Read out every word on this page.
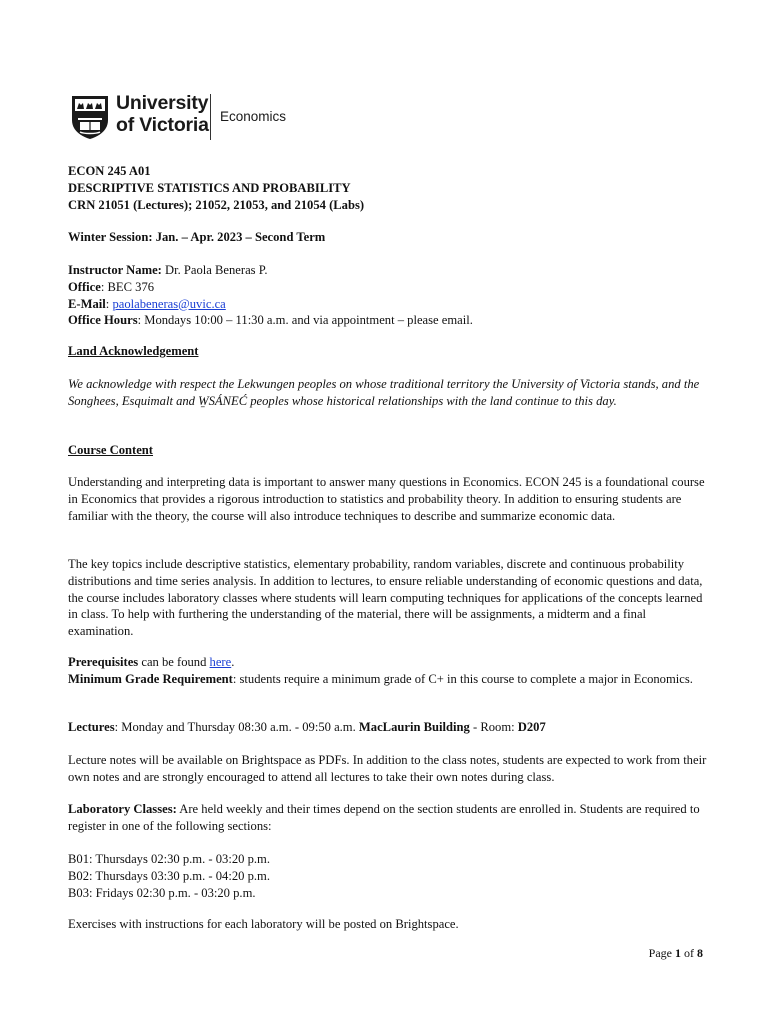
University
of Victoria Economics
ECON 245 A01
DESCRIPTIVE STATISTICS AND PROBABILITY
CRN 21051 (Lectures); 21052, 21053, and 21054 (Labs)
Winter Session: Jan. – Apr. 2023 – Second Term
Instructor Name: Dr. Paola Beneras P.
Office: BEC 376
E-Mail: paolabeneras@uvic.ca
Office Hours: Mondays 10:00 – 11:30 a.m. and via appointment – please email.
Land Acknowledgement

We acknowledge with respect the Lekwungen peoples on whose traditional territory the University of Victoria stands, and the Songhees, Esquimalt and W̱SÁNEĆ peoples whose historical relationships with the land continue to this day.

Course Content

Understanding and interpreting data is important to answer many questions in Economics. ECON 245 is a foundational course in Economics that provides a rigorous introduction to statistics and probability theory. In addition to ensuring students are familiar with the theory, the course will also introduce techniques to describe and summarize economic data.

The key topics include descriptive statistics, elementary probability, random variables, discrete and continuous probability distributions and time series analysis. In addition to lectures, to ensure reliable understanding of economic questions and data, the course includes laboratory classes where students will learn computing techniques for applications of the concepts learned in class. To help with furthering the understanding of the material, there will be assignments, a midterm and a final examination.

Prerequisites can be found here.
Minimum Grade Requirement: students require a minimum grade of C+ in this course to complete a major in Economics.
Lectures: Monday and Thursday 08:30 a.m. - 09:50 a.m. MacLaurin Building - Room: D207

Lecture notes will be available on Brightspace as PDFs. In addition to the class notes, students are expected to work from their own notes and are strongly encouraged to attend all lectures to take their own notes during class.

Laboratory Classes: Are held weekly and their times depend on the section students are enrolled in. Students are required to register in one of the following sections:

B01: Thursdays 02:30 p.m. - 03:20 p.m.
B02: Thursdays 03:30 p.m. - 04:20 p.m.
B03: Fridays 02:30 p.m. - 03:20 p.m.
Exercises with instructions for each laboratory will be posted on Brightspace.
Page 1 of 8
